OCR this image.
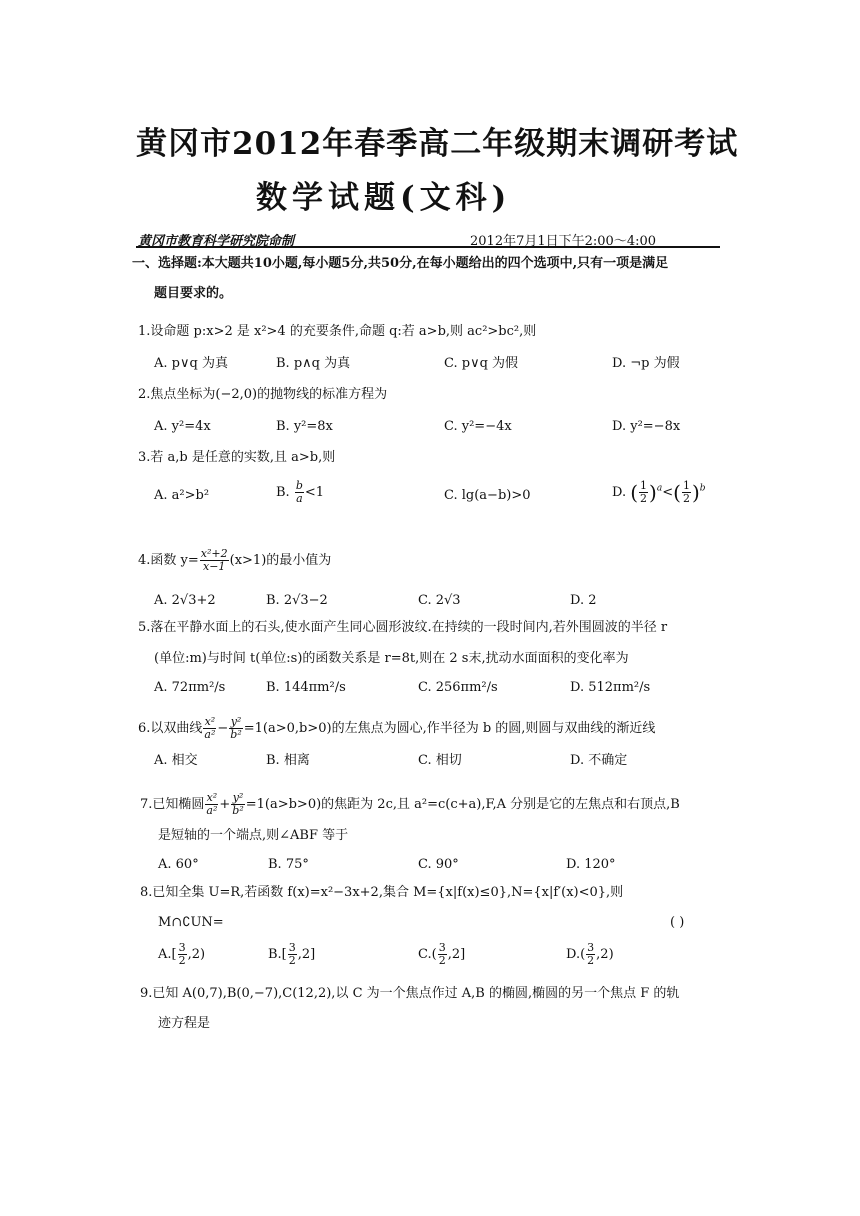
黄冈市2012年春季高二年级期末调研考试
数学试题(文科)
黄冈市教育科学研究院命制	2012年7月1日下午2:00～4:00
一、选择题:本大题共10小题,每小题5分,共50分,在每小题给出的四个选项中,只有一项是满足
题目要求的。
1.设命题 p:x>2 是 x²>4 的充要条件,命题 q:若 a>b,则 ac²>bc²,则
A. p∨q 为真	B. p∧q 为真	C. p∨q 为假	D. ¬p 为假
2.焦点坐标为(−2,0)的抛物线的标准方程为
A. y²=4x	B. y²=8x	C. y²=−4x	D. y²=−8x
3.若 a,b 是任意的实数,且 a>b,则
A. a²>b²	B. $\frac{b}{a} <1$	C. lg(a−b)>0	D. ( $\frac{1}{2} )^a<( \frac{1}{2} )^b$
4.函数 $y= \frac{\text{x²+2}}{x-1} (x>1)$的最小值为
A. 2√3+2	B. 2√3−2	C. 2√3	D. 2
5.落在平静水面上的石头,使水面产生同心圆形波纹.在持续的一段时间内,若外围圆波的半径 r
(单位:m)与时间 t(单位:s)的函数关系是 r=8t,则在 2 s末,扰动水面面积的变化率为
A. 72πm²/s	B. 144πm²/s	C. 256πm²/s	D. 512πm²/s
6.以双曲线 $\frac{\text{x²}}{\text{a²}} - \frac{\text{y²}}{\text{b²}} =1(a>0,b>0)$的左焦点为圆心,作半径为 b 的圆,则圆与双曲线的渐近线
A. 相交	B. 相离	C. 相切	D. 不确定
7.已知椭圆 $\frac{\text{x²}}{\text{a²}} + \frac{\text{y²}}{\text{b²}} =1(a>b>0)$的焦距为 2c,且 a²=c(c+a),F,A 分别是它的左焦点和右顶点,B
是短轴的一个端点,则∠ABF 等于
A. 60°	B. 75°	C. 90°	D. 120°
8.已知全集 U=R,若函数 f(x)=x²−3x+2,集合 M={x|f(x)≤0},N={x|f′(x)<0},则
M∩∁UN=	( )
$A.[ \frac{3}{2} ,2)$	$B.[ \frac{3}{2} ,2]$	$C.( \frac{3}{2} ,2]$	$D.( \frac{3}{2} ,2)$
9.已知 A(0,7),B(0,−7),C(12,2),以 C 为一个焦点作过 A,B 的椭圆,椭圆的另一个焦点 F 的轨
迹方程是
